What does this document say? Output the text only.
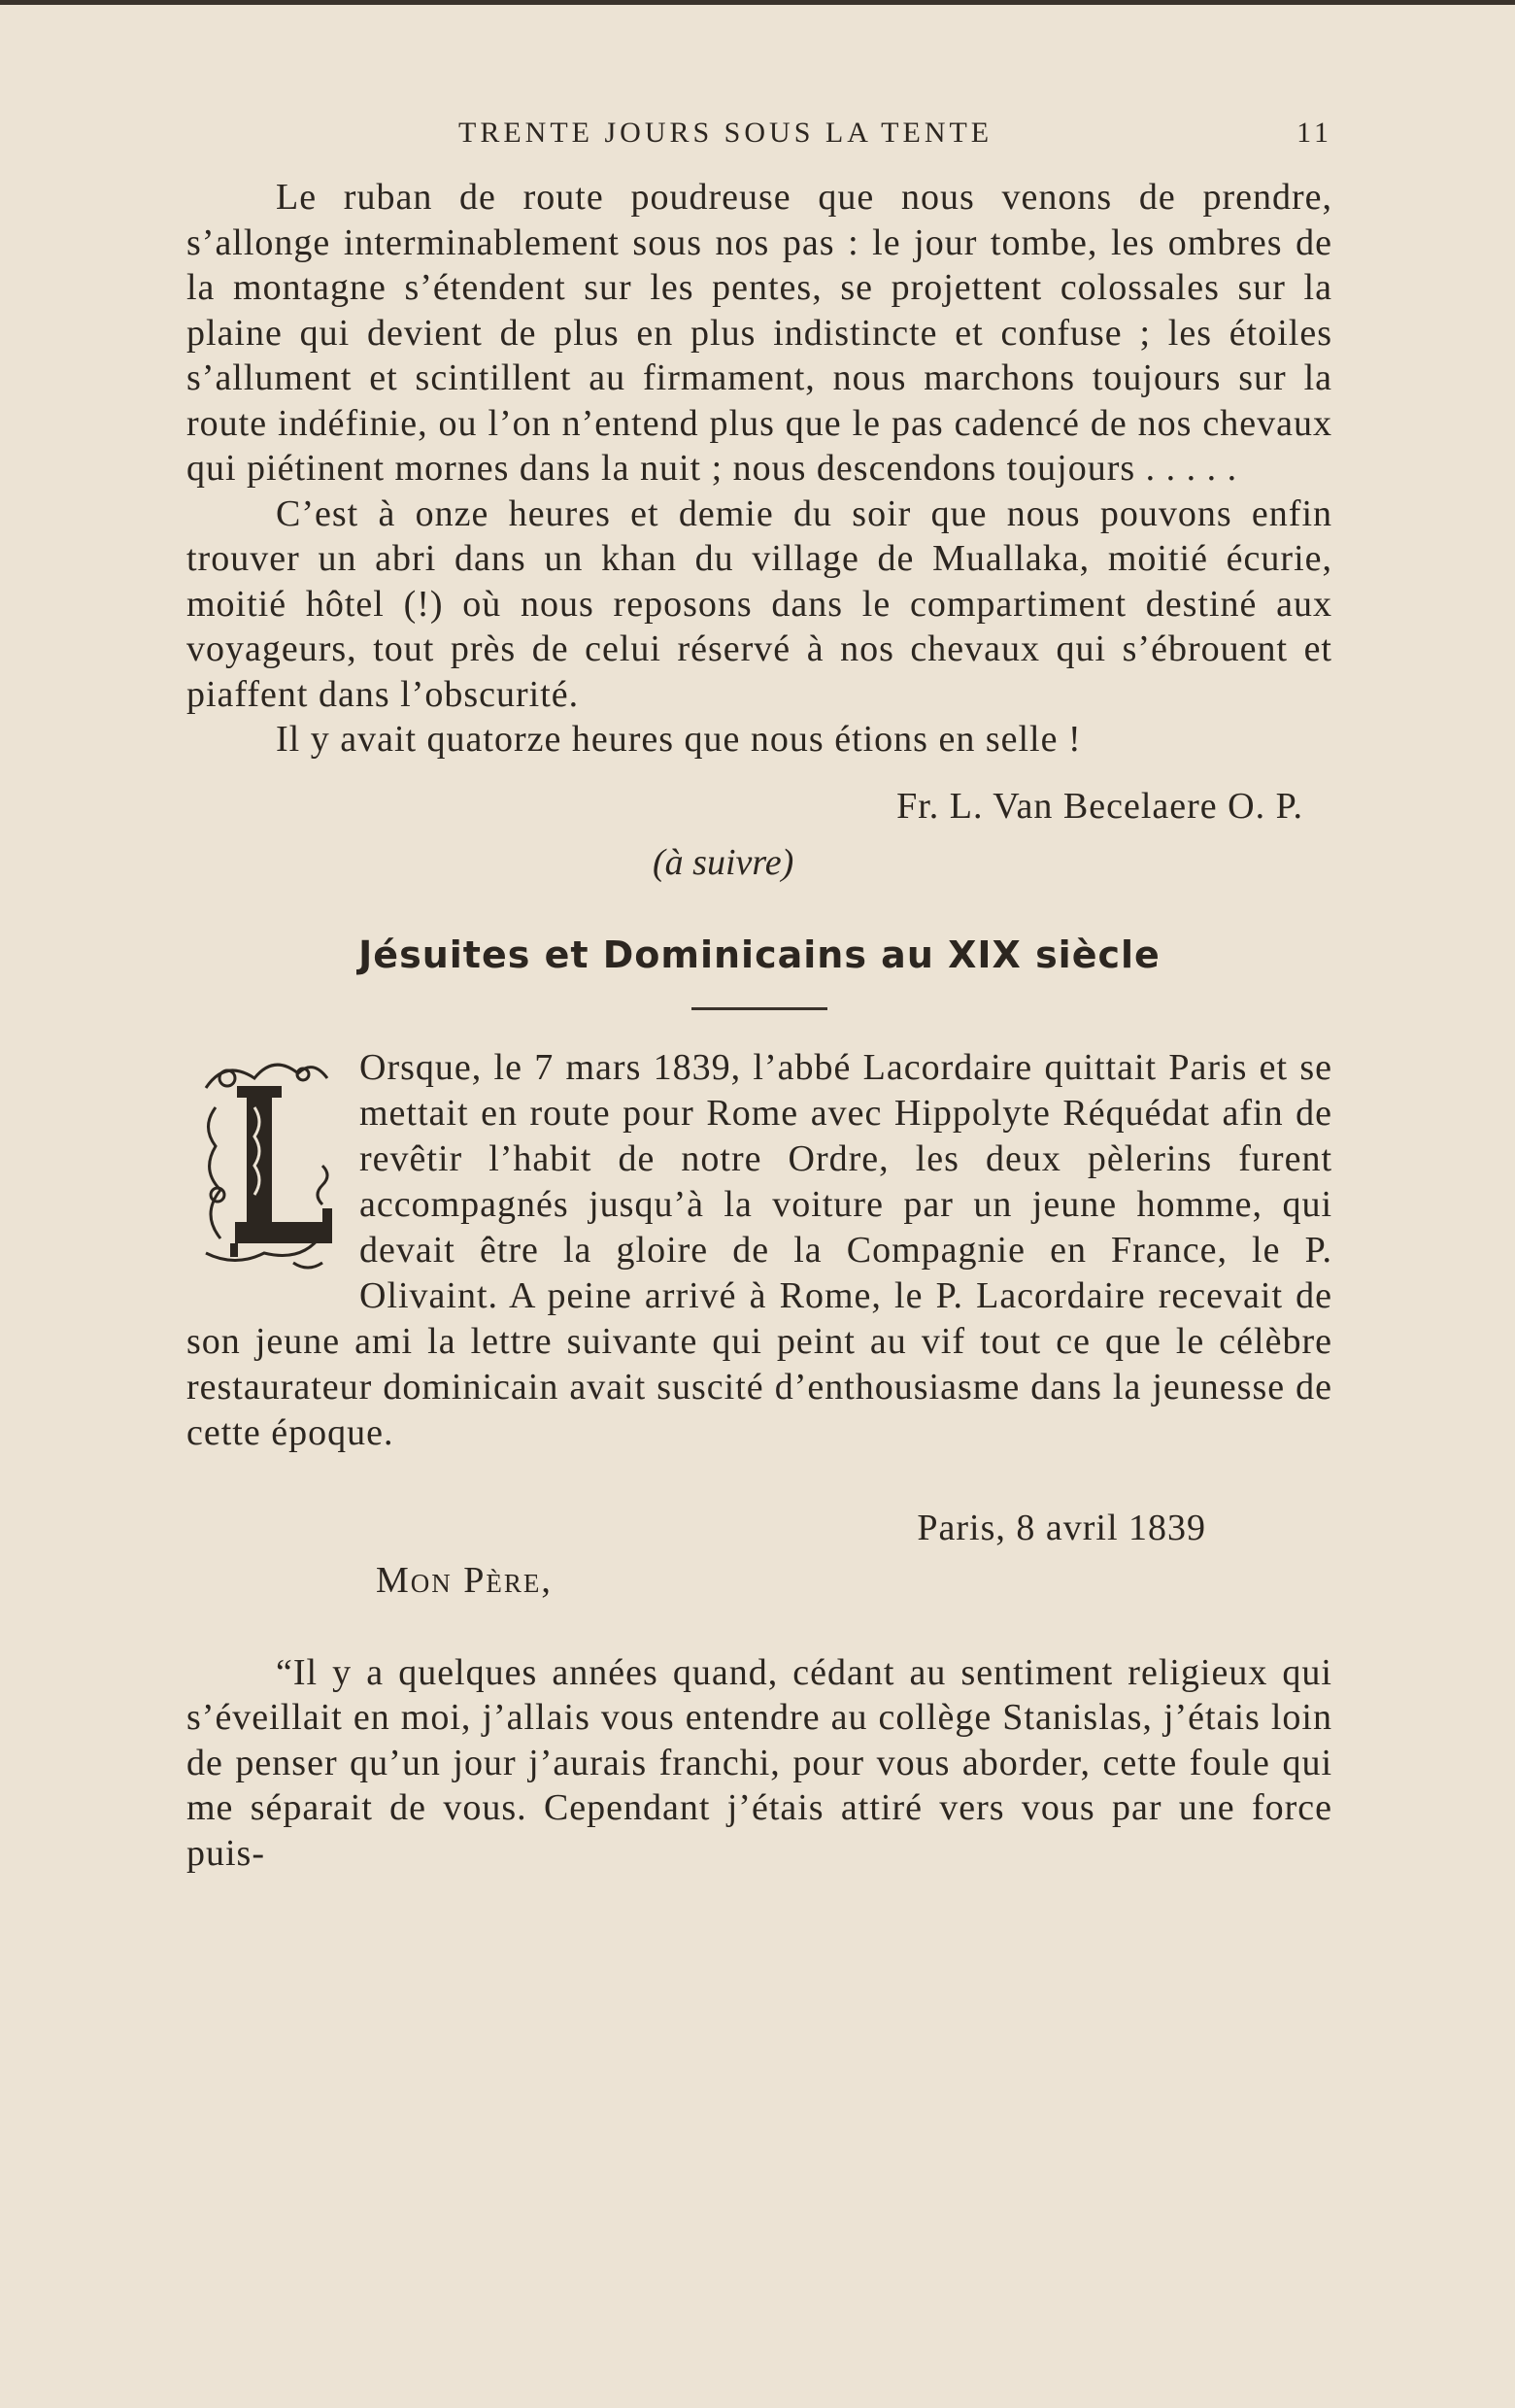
TRENTE JOURS SOUS LA TENTE	11

Le ruban de route poudreuse que nous venons de prendre, s’allonge interminablement sous nos pas : le jour tombe, les ombres de la montagne s’étendent sur les pentes, se projettent colossales sur la plaine qui devient de plus en plus indistincte et confuse ; les étoiles s’allument et scintillent au firmament, nous marchons toujours sur la route indéfinie, ou l’on n’entend plus que le pas cadencé de nos chevaux qui piétinent mornes dans la nuit ; nous descendons toujours . . . . .

C’est à onze heures et demie du soir que nous pouvons enfin trouver un abri dans un khan du village de Muallaka, moitié écurie, moitié hôtel (!) où nous reposons dans le compartiment destiné aux voyageurs, tout près de celui réservé à nos chevaux qui s’ébrouent et piaffent dans l’obscurité.

Il y avait quatorze heures que nous étions en selle !

Fr. L. Van Becelaere O. P.
(à suivre)
Jésuites et Dominicains au XIX siècle

Orsque, le 7 mars 1839, l’abbé Lacordaire quittait Paris et se mettait en route pour Rome avec Hippolyte Réquédat afin de revêtir l’habit de notre Ordre, les deux pèlerins furent accompagnés jusqu’à la voiture par un jeune homme, qui devait être la gloire de la Compagnie en France, le P. Olivaint. A peine arrivé à Rome, le P. Lacordaire recevait de son jeune ami la lettre suivante qui peint au vif tout ce que le célèbre restaurateur dominicain avait suscité d’enthousiasme dans la jeunesse de cette époque.

Paris, 8 avril 1839
Mon Père,

“Il y a quelques années quand, cédant au sentiment religieux qui s’éveillait en moi, j’allais vous entendre au collège Stanislas, j’étais loin de penser qu’un jour j’aurais franchi, pour vous aborder, cette foule qui me séparait de vous. Cependant j’étais attiré vers vous par une force puis-
